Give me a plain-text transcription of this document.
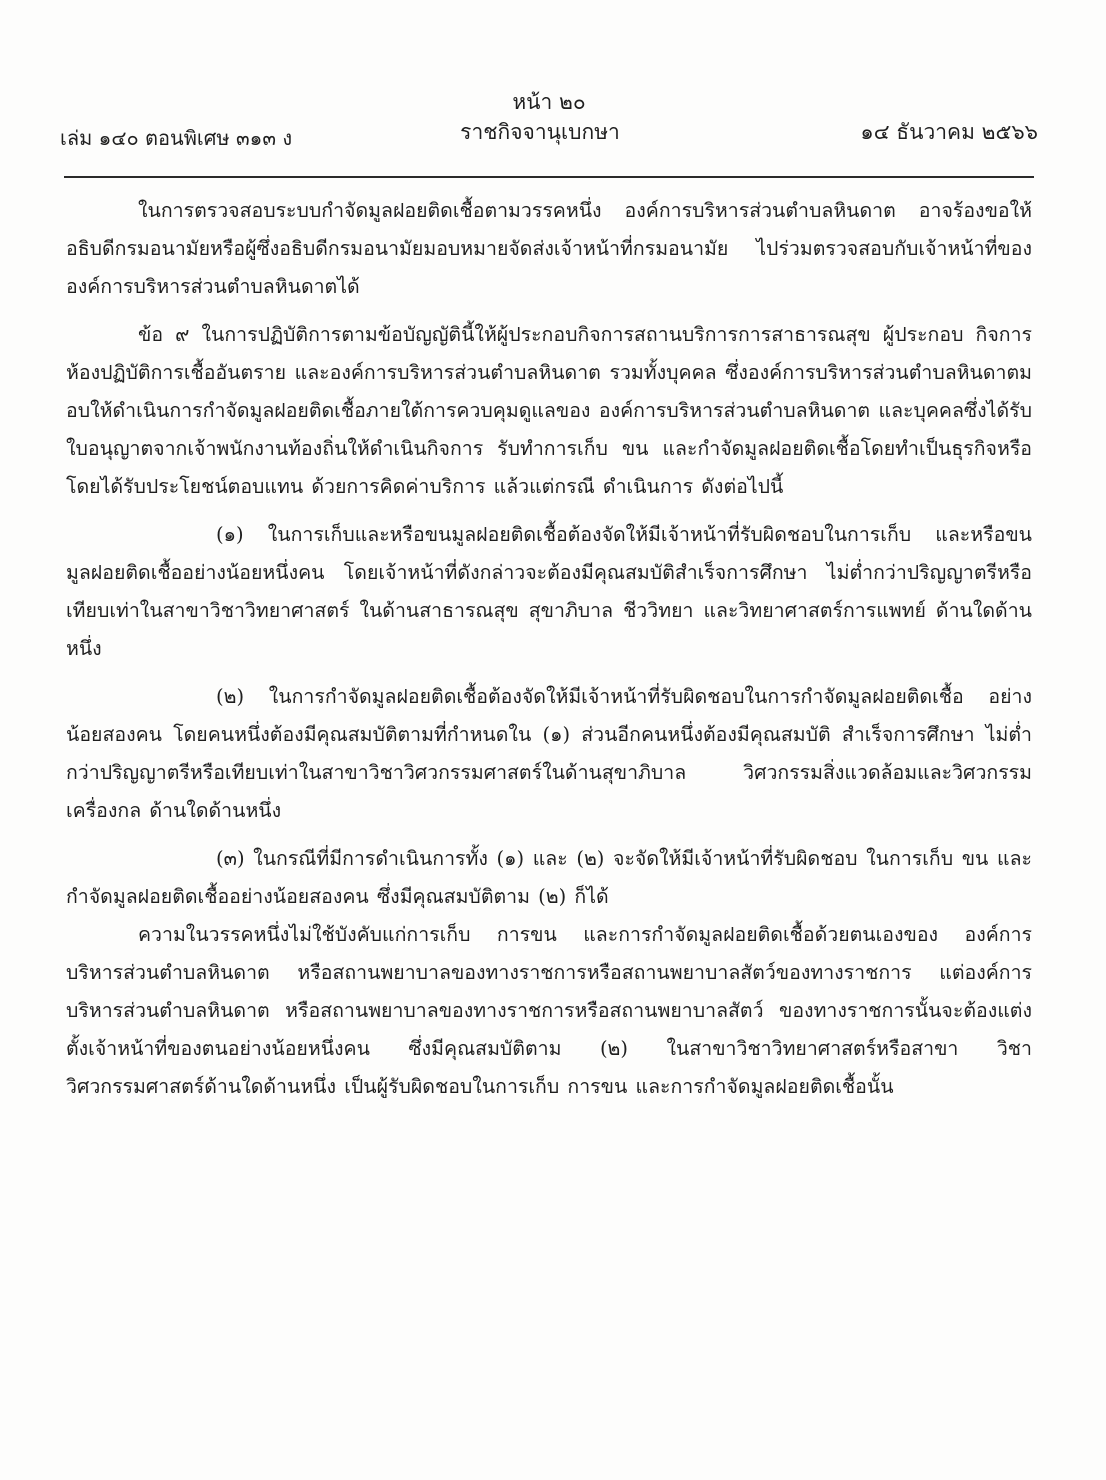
หน้า ๒๐
เล่ม ๑๔๐ ตอนพิเศษ ๓๑๓ ง	ราชกิจจานุเบกษา	๑๔ ธันวาคม ๒๕๖๖

ในการตรวจสอบระบบกำจัดมูลฝอยติดเชื้อตามวรรคหนึ่ง องค์การบริหารส่วนตำบลหินดาต อาจร้องขอให้อธิบดีกรมอนามัยหรือผู้ซึ่งอธิบดีกรมอนามัยมอบหมายจัดส่งเจ้าหน้าที่กรมอนามัย ไปร่วมตรวจสอบกับเจ้าหน้าที่ขององค์การบริหารส่วนตำบลหินดาตได้

ข้อ ๙ ในการปฏิบัติการตามข้อบัญญัตินี้ให้ผู้ประกอบกิจการสถานบริการการสาธารณสุข ผู้ประกอบ กิจการห้องปฏิบัติการเชื้ออันตราย และองค์การบริหารส่วนตำบลหินดาต รวมทั้งบุคคล ซึ่งองค์การบริหารส่วนตำบลหินดาตมอบให้ดำเนินการกำจัดมูลฝอยติดเชื้อภายใต้การควบคุมดูแลของ องค์การบริหารส่วนตำบลหินดาต และบุคคลซึ่งได้รับใบอนุญาตจากเจ้าพนักงานท้องถิ่นให้ดำเนินกิจการ รับทำการเก็บ ขน และกำจัดมูลฝอยติดเชื้อโดยทำเป็นธุรกิจหรือโดยได้รับประโยชน์ตอบแทน ด้วยการคิดค่าบริการ แล้วแต่กรณี ดำเนินการ ดังต่อไปนี้

(๑) ในการเก็บและหรือขนมูลฝอยติดเชื้อต้องจัดให้มีเจ้าหน้าที่รับผิดชอบในการเก็บ และหรือขนมูลฝอยติดเชื้ออย่างน้อยหนึ่งคน โดยเจ้าหน้าที่ดังกล่าวจะต้องมีคุณสมบัติสำเร็จการศึกษา ไม่ต่ำกว่าปริญญาตรีหรือเทียบเท่าในสาขาวิชาวิทยาศาสตร์ ในด้านสาธารณสุข สุขาภิบาล ชีววิทยา และวิทยาศาสตร์การแพทย์ ด้านใดด้านหนึ่ง

(๒) ในการกำจัดมูลฝอยติดเชื้อต้องจัดให้มีเจ้าหน้าที่รับผิดชอบในการกำจัดมูลฝอยติดเชื้อ อย่างน้อยสองคน โดยคนหนึ่งต้องมีคุณสมบัติตามที่กำหนดใน (๑) ส่วนอีกคนหนึ่งต้องมีคุณสมบัติ สำเร็จการศึกษา ไม่ต่ำกว่าปริญญาตรีหรือเทียบเท่าในสาขาวิชาวิศวกรรมศาสตร์ในด้านสุขาภิบาล วิศวกรรมสิ่งแวดล้อมและวิศวกรรมเครื่องกล ด้านใดด้านหนึ่ง

(๓) ในกรณีที่มีการดำเนินการทั้ง (๑) และ (๒) จะจัดให้มีเจ้าหน้าที่รับผิดชอบ ในการเก็บ ขน และกำจัดมูลฝอยติดเชื้ออย่างน้อยสองคน ซึ่งมีคุณสมบัติตาม (๒) ก็ได้

ความในวรรคหนึ่งไม่ใช้บังคับแก่การเก็บ การขน และการกำจัดมูลฝอยติดเชื้อด้วยตนเองของ องค์การบริหารส่วนตำบลหินดาต หรือสถานพยาบาลของทางราชการหรือสถานพยาบาลสัตว์ของทางราชการ แต่องค์การบริหารส่วนตำบลหินดาต หรือสถานพยาบาลของทางราชการหรือสถานพยาบาลสัตว์ ของทางราชการนั้นจะต้องแต่งตั้งเจ้าหน้าที่ของตนอย่างน้อยหนึ่งคน ซึ่งมีคุณสมบัติตาม (๒) ในสาขาวิชาวิทยาศาสตร์หรือสาขา วิชาวิศวกรรมศาสตร์ด้านใดด้านหนึ่ง เป็นผู้รับผิดชอบในการเก็บ การขน และการกำจัดมูลฝอยติดเชื้อนั้น
